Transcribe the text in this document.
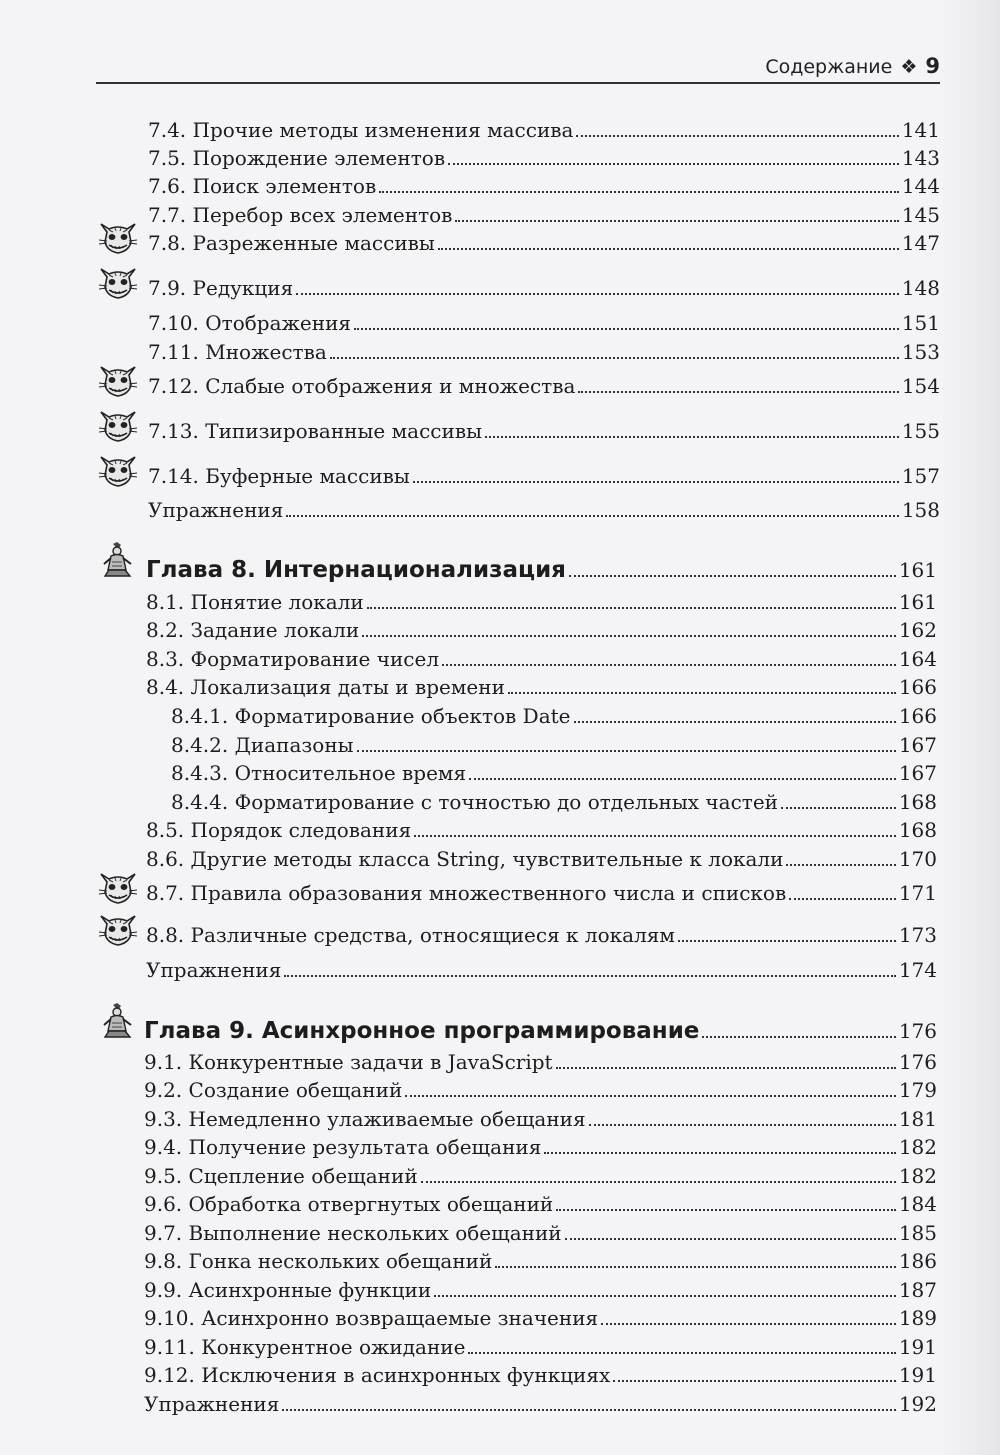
Содержание ❖ 9
7.4. Прочие методы изменения массива	141
7.5. Порождение элементов	143
7.6. Поиск элементов	144
7.7. Перебор всех элементов	145
7.8. Разреженные массивы	147
7.9. Редукция	148
7.10. Отображения	151
7.11. Множества	153
7.12. Слабые отображения и множества	154
7.13. Типизированные массивы	155
7.14. Буферные массивы	157
Упражнения	158
Глава 8. Интернационализация	161
8.1. Понятие локали	161
8.2. Задание локали	162
8.3. Форматирование чисел	164
8.4. Локализация даты и времени	166
8.4.1. Форматирование объектов Date	166
8.4.2. Диапазоны	167
8.4.3. Относительное время	167
8.4.4. Форматирование с точностью до отдельных частей	168
8.5. Порядок следования	168
8.6. Другие методы класса String, чувствительные к локали	170
8.7. Правила образования множественного числа и списков	171
8.8. Различные средства, относящиеся к локалям	173
Упражнения	174
Глава 9. Асинхронное программирование	176
9.1. Конкурентные задачи в JavaScript	176
9.2. Создание обещаний	179
9.3. Немедленно улаживаемые обещания	181
9.4. Получение результата обещания	182
9.5. Сцепление обещаний	182
9.6. Обработка отвергнутых обещаний	184
9.7. Выполнение нескольких обещаний	185
9.8. Гонка нескольких обещаний	186
9.9. Асинхронные функции	187
9.10. Асинхронно возвращаемые значения	189
9.11. Конкурентное ожидание	191
9.12. Исключения в асинхронных функциях	191
Упражнения	192
